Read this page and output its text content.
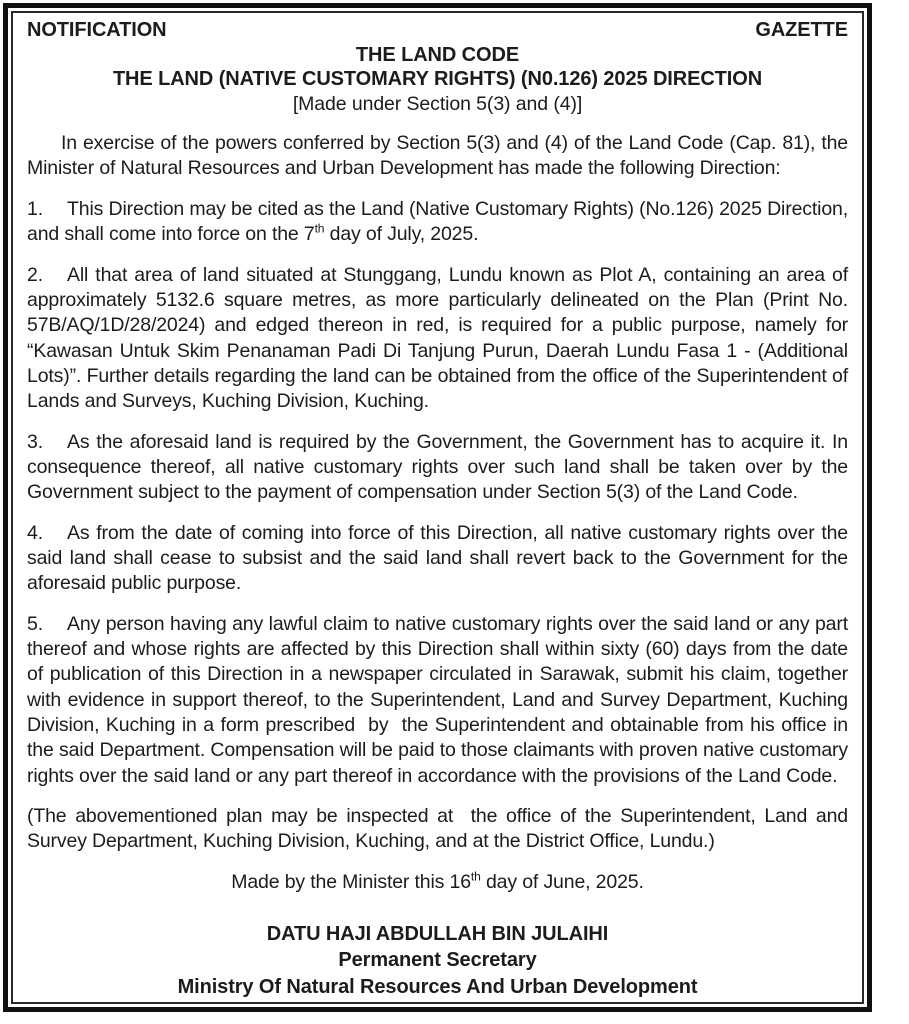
NOTIFICATION	GAZETTE
THE LAND CODE
THE LAND (NATIVE CUSTOMARY RIGHTS) (N0.126) 2025 DIRECTION
[Made under Section 5(3) and (4)]

In exercise of the powers conferred by Section 5(3) and (4) of the Land Code (Cap. 81), the Minister of Natural Resources and Urban Development has made the following Direction:

1. This Direction may be cited as the Land (Native Customary Rights) (No.126) 2025 Direction, and shall come into force on the 7th day of July, 2025.

2. All that area of land situated at Stunggang, Lundu known as Plot A, containing an area of approximately 5132.6 square metres, as more particularly delineated on the Plan (Print No. 57B/AQ/1D/28/2024) and edged thereon in red, is required for a public purpose, namely for “Kawasan Untuk Skim Penanaman Padi Di Tanjung Purun, Daerah Lundu Fasa 1 - (Additional Lots)”. Further details regarding the land can be obtained from the office of the Superintendent of Lands and Surveys, Kuching Division, Kuching.

3. As the aforesaid land is required by the Government, the Government has to acquire it. In consequence thereof, all native customary rights over such land shall be taken over by the Government subject to the payment of compensation under Section 5(3) of the Land Code.

4. As from the date of coming into force of this Direction, all native customary rights over the said land shall cease to subsist and the said land shall revert back to the Government for the aforesaid public purpose.

5. Any person having any lawful claim to native customary rights over the said land or any part thereof and whose rights are affected by this Direction shall within sixty (60) days from the date of publication of this Direction in a newspaper circulated in Sarawak, submit his claim, together with evidence in support thereof, to the Superintendent, Land and Survey Department, Kuching Division, Kuching in a form prescribed  by  the Superintendent and obtainable from his office in the said Department. Compensation will be paid to those claimants with proven native customary rights over the said land or any part thereof in accordance with the provisions of the Land Code.

(The abovementioned plan may be inspected at  the office of the Superintendent, Land and Survey Department, Kuching Division, Kuching, and at the District Office, Lundu.)

Made by the Minister this 16th day of June, 2025.

DATU HAJI ABDULLAH BIN JULAIHI
Permanent Secretary
Ministry Of Natural Resources And Urban Development
